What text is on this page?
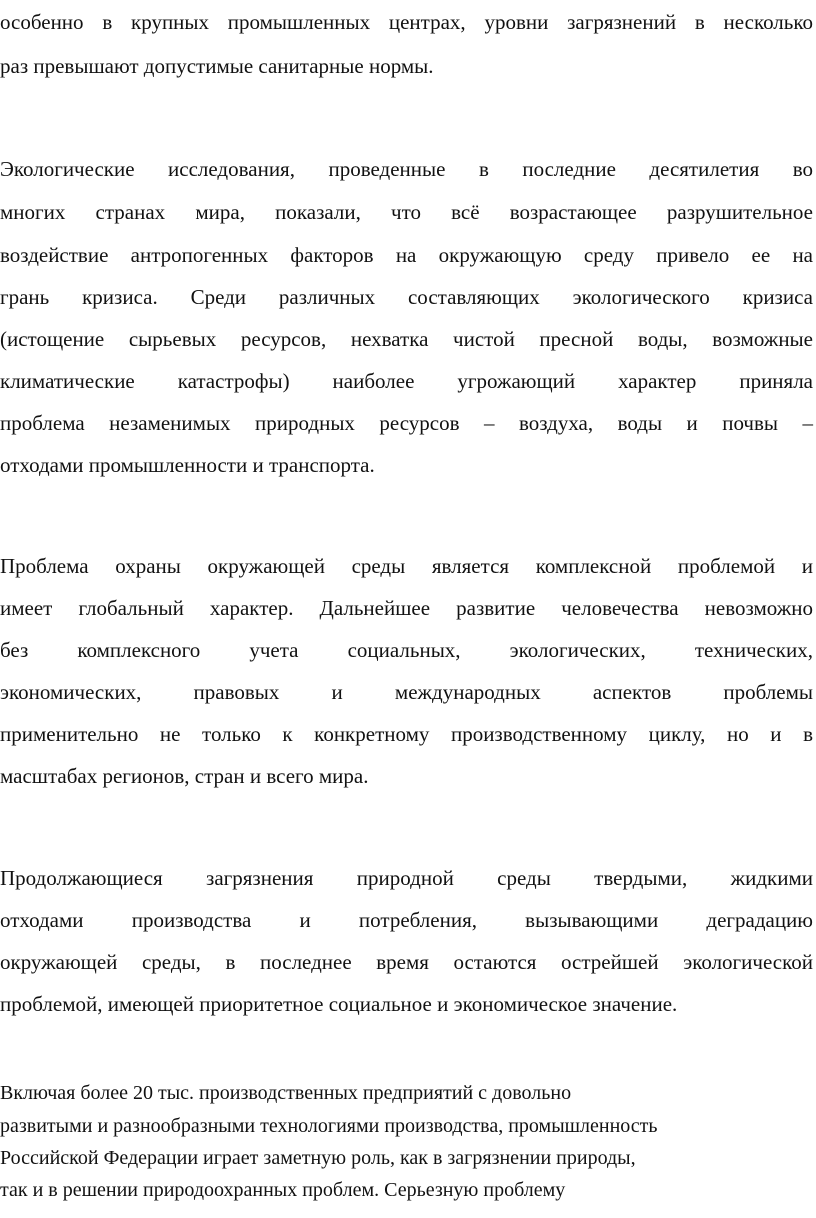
особенно в крупных промышленных центрах, уровни загрязнений в несколько
раз превышают допустимые санитарные нормы.
Экологические исследования, проведенные в последние десятилетия во
многих странах мира, показали, что всё возрастающее разрушительное
воздействие антропогенных факторов на окружающую среду привело ее на
грань кризиса. Среди различных составляющих экологического кризиса
(истощение сырьевых ресурсов, нехватка чистой пресной воды, возможные
климатические катастрофы) наиболее угрожающий характер приняла
проблема незаменимых природных ресурсов – воздуха, воды и почвы –
отходами промышленности и транспорта.
Проблема охраны окружающей среды является комплексной проблемой и
имеет глобальный характер. Дальнейшее развитие человечества невозможно
без комплексного учета социальных, экологических, технических,
экономических, правовых и международных аспектов проблемы
применительно не только к конкретному производственному циклу, но и в
масштабах регионов, стран и всего мира.
Продолжающиеся загрязнения природной среды твердыми, жидкими
отходами производства и потребления, вызывающими деградацию
окружающей среды, в последнее время остаются острейшей экологической
проблемой, имеющей приоритетное социальное и экономическое значение.
Включая более 20 тыс. производственных предприятий с довольно
развитыми и разнообразными технологиями производства, промышленность
Российской Федерации играет заметную роль, как в загрязнении природы,
так и в решении природоохранных проблем. Серьезную проблему
